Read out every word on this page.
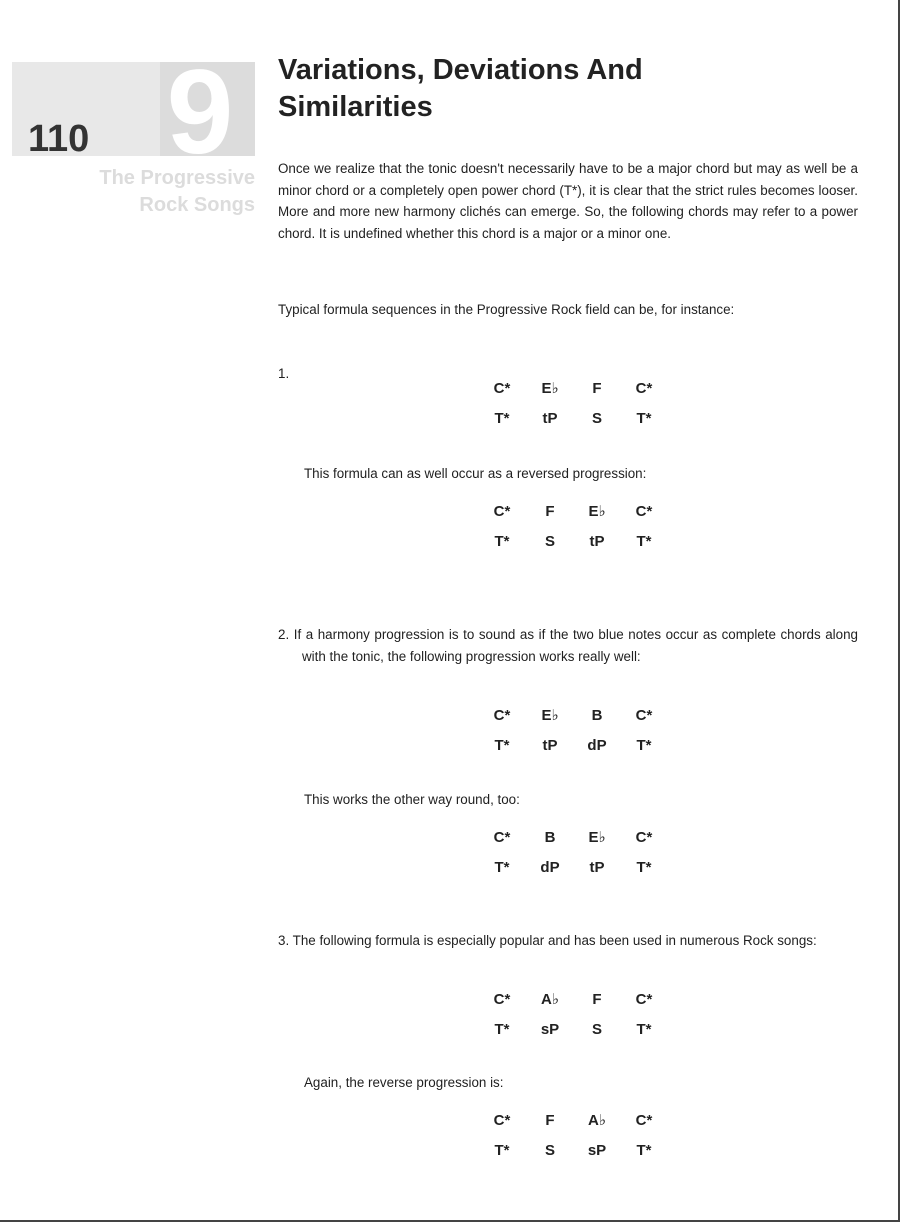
9
110
The Progressive
Rock Songs
Variations, Deviations And
Similarities

Once we realize that the tonic doesn't necessarily have to be a major chord but may as well be a minor chord or a completely open power chord (T*), it is clear that the strict rules becomes looser. More and more new harmony clichés can emerge. So, the following chords may refer to a power chord. It is undefined whether this chord is a major or a minor one.

Typical formula sequences in the Progressive Rock field can be, for instance:

1.
C*	E♭	F	C*
T*	tP	S	T*
This formula can as well occur as a reversed progression:
C*	F	E♭	C*
T*	S	tP	T*
2. If a harmony progression is to sound as if the two blue notes occur as complete chords along with the tonic, the following progression works really well:
C*	E♭	B	C*
T*	tP	dP	T*
This works the other way round, too:
C*	B	E♭	C*
T*	dP	tP	T*
3. The following formula is especially popular and has been used in numerous Rock songs:
C*	A♭	F	C*
T*	sP	S	T*
Again, the reverse progression is:
C*	F	A♭	C*
T*	S	sP	T*
